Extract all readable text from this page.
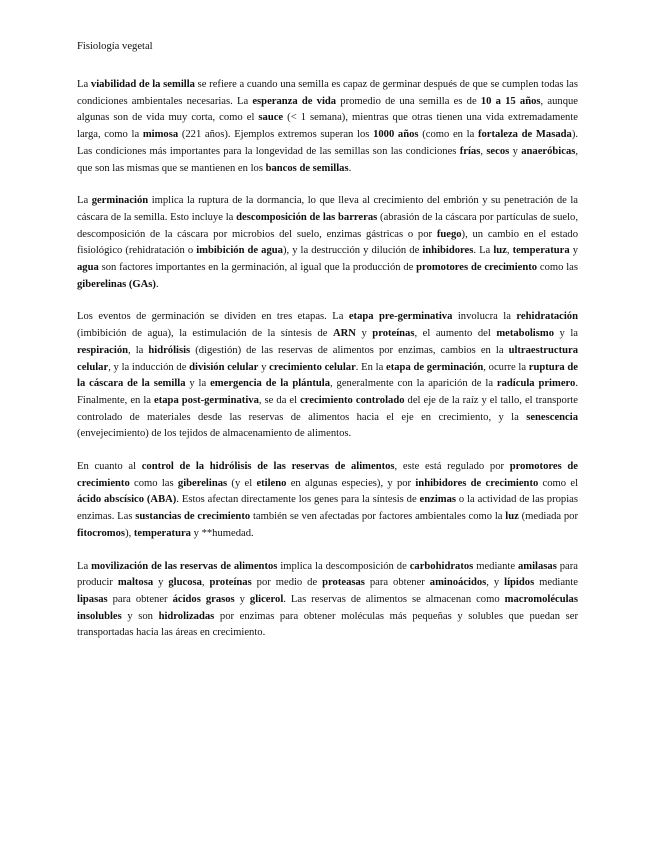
Fisiología vegetal

La viabilidad de la semilla se refiere a cuando una semilla es capaz de germinar después de que se cumplen todas las condiciones ambientales necesarias. La esperanza de vida promedio de una semilla es de 10 a 15 años, aunque algunas son de vida muy corta, como el sauce (< 1 semana), mientras que otras tienen una vida extremadamente larga, como la mimosa (221 años). Ejemplos extremos superan los 1000 años (como en la fortaleza de Masada). Las condiciones más importantes para la longevidad de las semillas son las condiciones frías, secos y anaeróbicas, que son las mismas que se mantienen en los bancos de semillas.

La germinación implica la ruptura de la dormancia, lo que lleva al crecimiento del embrión y su penetración de la cáscara de la semilla. Esto incluye la descomposición de las barreras (abrasión de la cáscara por partículas de suelo, descomposición de la cáscara por microbios del suelo, enzimas gástricas o por fuego), un cambio en el estado fisiológico (rehidratación o imbibición de agua), y la destrucción y dilución de inhibidores. La luz, temperatura y agua son factores importantes en la germinación, al igual que la producción de promotores de crecimiento como las giberelinas (GAs).

Los eventos de germinación se dividen en tres etapas. La etapa pre-germinativa involucra la rehidratación (imbibición de agua), la estimulación de la síntesis de ARN y proteínas, el aumento del metabolismo y la respiración, la hidrólisis (digestión) de las reservas de alimentos por enzimas, cambios en la ultraestructura celular, y la inducción de división celular y crecimiento celular. En la etapa de germinación, ocurre la ruptura de la cáscara de la semilla y la emergencia de la plántula, generalmente con la aparición de la radícula primero. Finalmente, en la etapa post-germinativa, se da el crecimiento controlado del eje de la raíz y el tallo, el transporte controlado de materiales desde las reservas de alimentos hacia el eje en crecimiento, y la senescencia (envejecimiento) de los tejidos de almacenamiento de alimentos.

En cuanto al control de la hidrólisis de las reservas de alimentos, este está regulado por promotores de crecimiento como las giberelinas (y el etileno en algunas especies), y por inhibidores de crecimiento como el ácido abscísico (ABA). Estos afectan directamente los genes para la síntesis de enzimas o la actividad de las propias enzimas. Las sustancias de crecimiento también se ven afectadas por factores ambientales como la luz (mediada por fitocromos), temperatura y **humedad.

La movilización de las reservas de alimentos implica la descomposición de carbohidratos mediante amilasas para producir maltosa y glucosa, proteínas por medio de proteasas para obtener aminoácidos, y lípidos mediante lipasas para obtener ácidos grasos y glicerol. Las reservas de alimentos se almacenan como macromoléculas insolubles y son hidrolizadas por enzimas para obtener moléculas más pequeñas y solubles que puedan ser transportadas hacia las áreas en crecimiento.
